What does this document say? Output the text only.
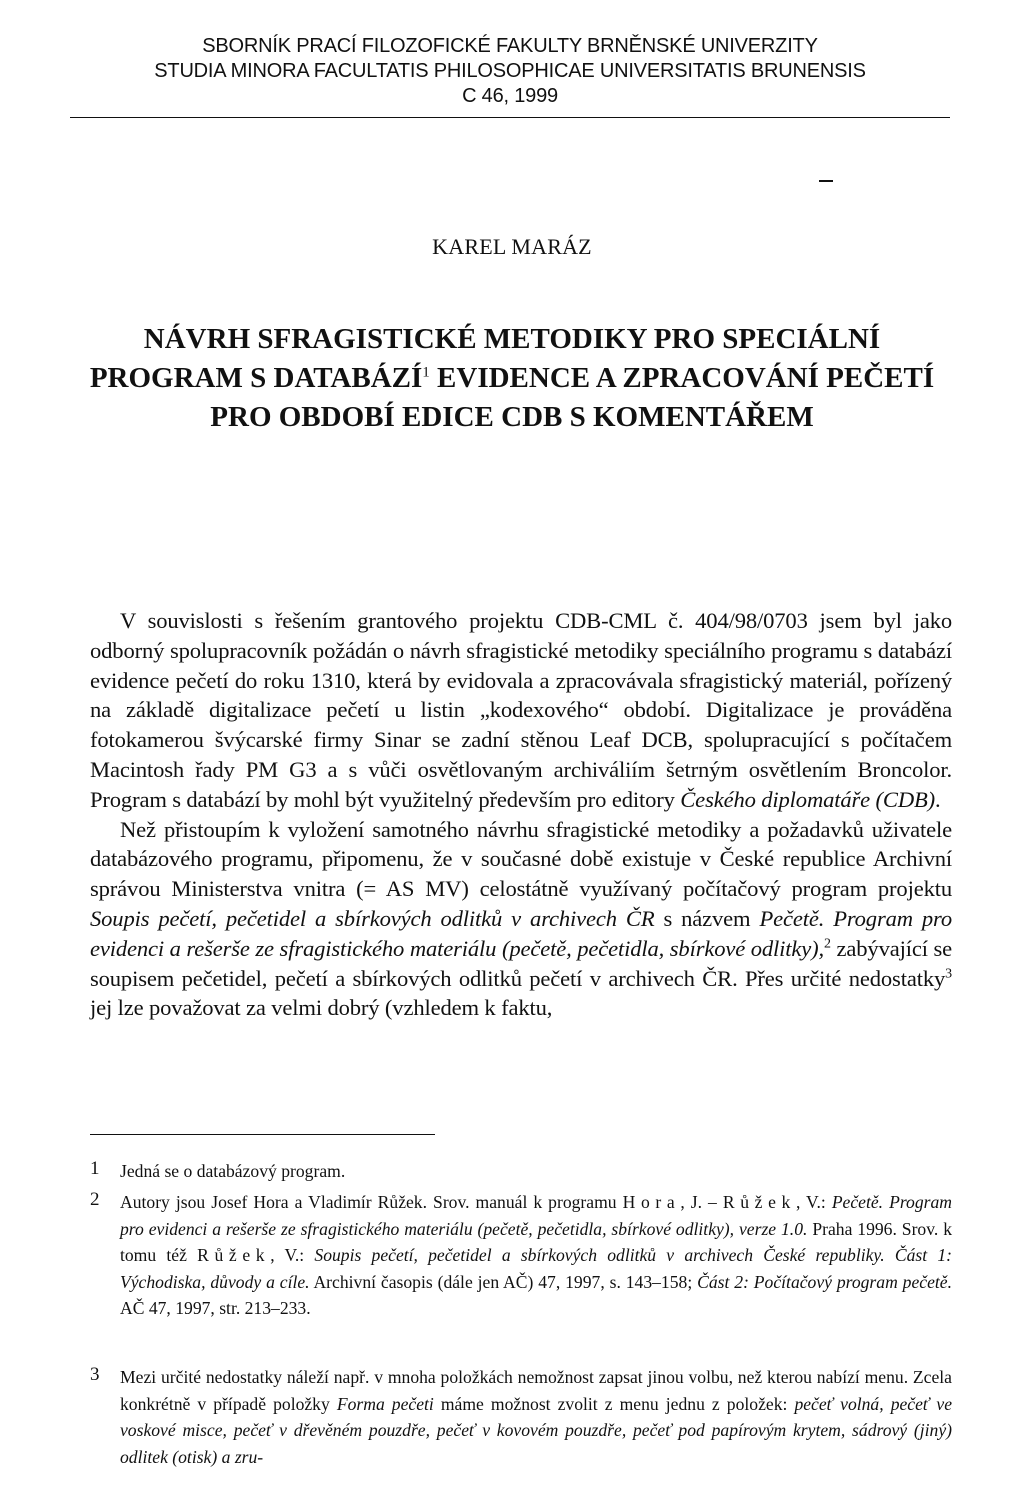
SBORNÍK PRACÍ FILOZOFICKÉ FAKULTY BRNĚNSKÉ UNIVERZITY
STUDIA MINORA FACULTATIS PHILOSOPHICAE UNIVERSITATIS BRUNENSIS
C 46, 1999
KAREL MARÁZ
NÁVRH SFRAGISTICKÉ METODIKY PRO SPECIÁLNÍ PROGRAM S DATABÁZÍ$^1$ EVIDENCE A ZPRACOVÁNÍ PEČETÍ PRO OBDOBÍ EDICE CDB S KOMENTÁŘEM

V souvislosti s řešením grantového projektu CDB-CML č. 404/98/0703 jsem byl jako odborný spolupracovník požádán o návrh sfragistické metodiky speciálního programu s databází evidence pečetí do roku 1310, která by evidovala a zpracovávala sfragistický materiál, pořízený na základě digitalizace pečetí u listin „kodexového“ období. Digitalizace je prováděna fotokamerou švýcarské firmy Sinar se zadní stěnou Leaf DCB, spolupracující s počítačem Macintosh řady PM G3 a s vůči osvětlovaným archiváliím šetrným osvětlením Broncolor. Program s databází by mohl být využitelný především pro editory Českého diplomatáře (CDB).

Než přistoupím k vyložení samotného návrhu sfragistické metodiky a požadavků uživatele databázového programu, připomenu, že v současné době existuje v České republice Archivní správou Ministerstva vnitra (= AS MV) celostátně využívaný počítačový program projektu Soupis pečetí, pečetidel a sbírkových odlitků v archivech ČR s názvem Pečetě. Program pro evidenci a rešerše ze sfragistického materiálu (pečetě, pečetidla, sbírkové odlitky),$^2$ zabývající se soupisem pečetidel, pečetí a sbírkových odlitků pečetí v archivech ČR. Přes určité nedostatky$^3$ jej lze považovat za velmi dobrý (vzhledem k faktu,

1 Jedná se o databázový program.
2 Autory jsou Josef Hora a Vladimír Růžek. Srov. manuál k programu Hora, J. – Růžek, V.: Pečetě. Program pro evidenci a rešerše ze sfragistického materiálu (pečetě, pečetidla, sbírkové odlitky), verze 1.0. Praha 1996. Srov. k tomu též Růžek, V.: Soupis pečetí, pečetidel a sbírkových odlitků v archivech České republiky. Část 1: Východiska, důvody a cíle. Archivní časopis (dále jen AČ) 47, 1997, s. 143–158; Část 2: Počítačový program pečetě. AČ 47, 1997, str. 213–233.
3 Mezi určité nedostatky náleží např. v mnoha položkách nemožnost zapsat jinou volbu, než kterou nabízí menu. Zcela konkrétně v případě položky Forma pečeti máme možnost zvolit z menu jednu z položek: pečeť volná, pečeť ve voskové misce, pečeť v dřevěném pouzdře, pečeť v kovovém pouzdře, pečeť pod papírovým krytem, sádrový (jiný) odlitek (otisk) a zru-
